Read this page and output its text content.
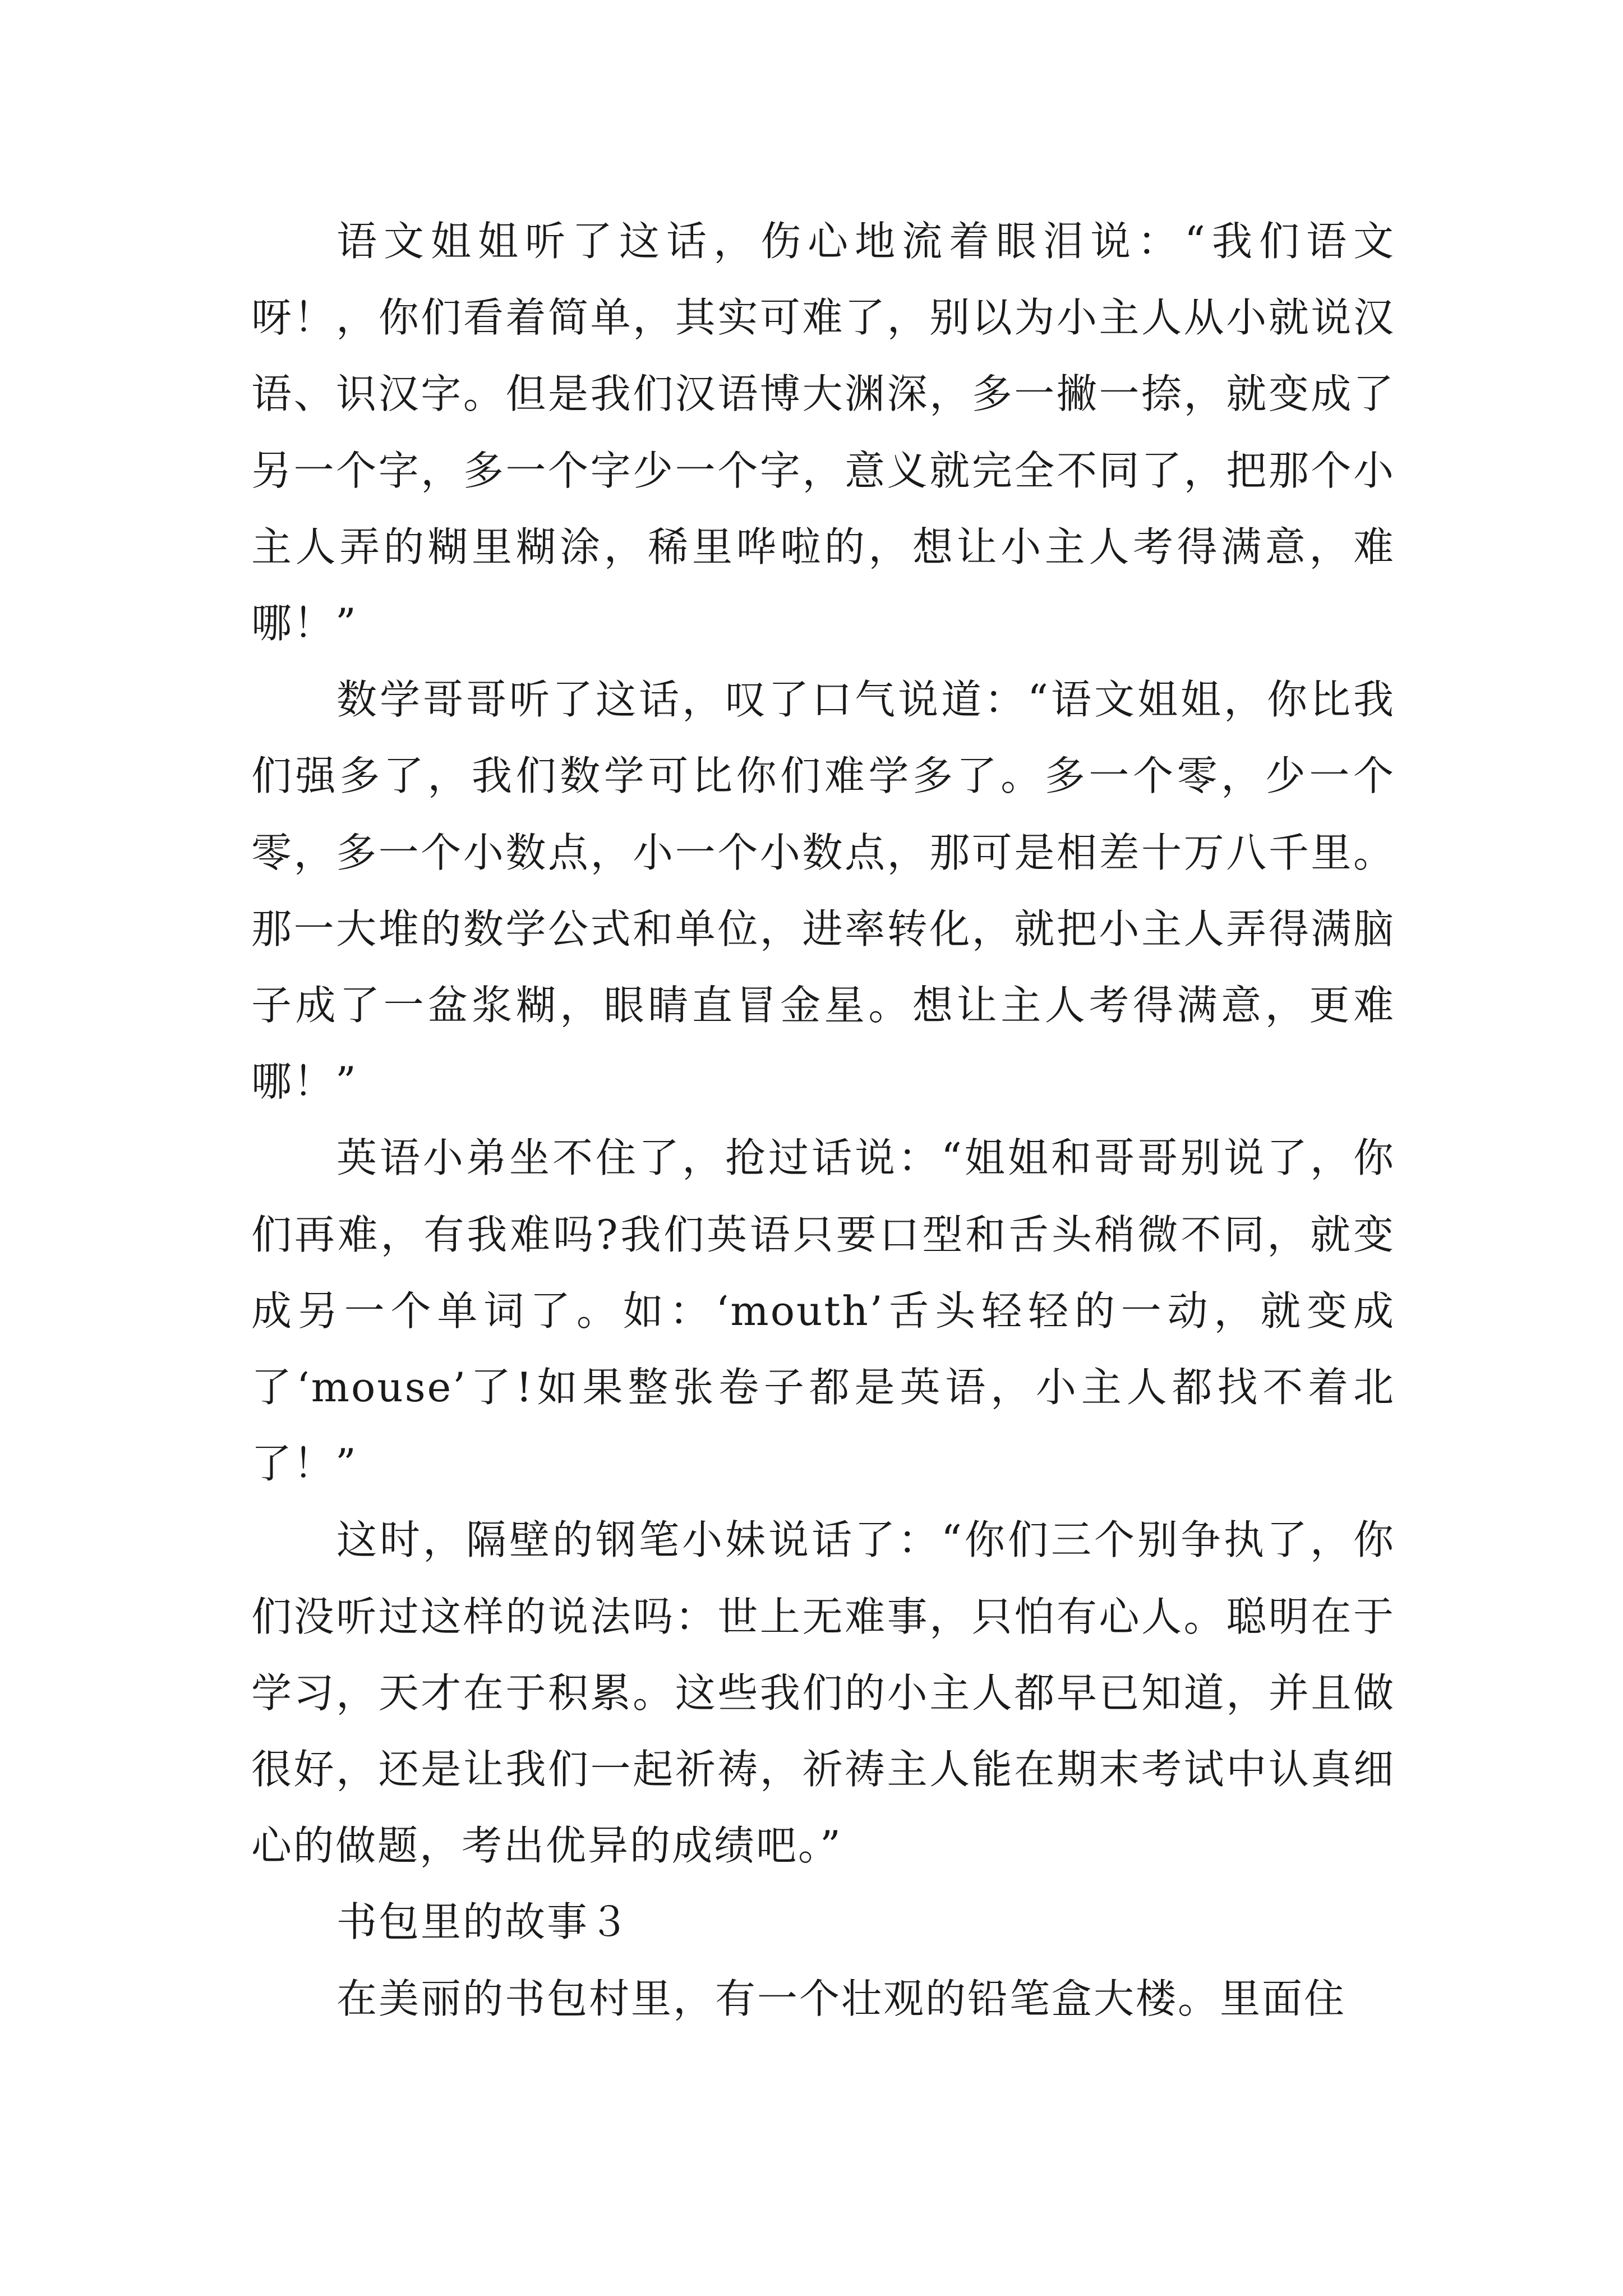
语文姐姐听了这话，伤心地流着眼泪说：“我们语文呀！，你们看着简单，其实可难了，别以为小主人从小就说汉语、识汉字。但是我们汉语博大渊深，多一撇一捺，就变成了另一个字，多一个字少一个字，意义就完全不同了，把那个小主人弄的糊里糊涂，稀里哗啦的，想让小主人考得满意，难哪！”

数学哥哥听了这话，叹了口气说道：“语文姐姐，你比我们强多了，我们数学可比你们难学多了。多一个零，少一个零，多一个小数点，小一个小数点，那可是相差十万八千里。那一大堆的数学公式和单位，进率转化，就把小主人弄得满脑子成了一盆浆糊，眼睛直冒金星。想让主人考得满意，更难哪！”

英语小弟坐不住了，抢过话说：“姐姐和哥哥别说了，你们再难，有我难吗?我们英语只要口型和舌头稍微不同，就变成另一个单词了。如：‘mouth’舌头轻轻的一动，就变成了‘mouse’了!如果整张卷子都是英语，小主人都找不着北了！”

这时，隔壁的钢笔小妹说话了：“你们三个别争执了，你们没听过这样的说法吗：世上无难事，只怕有心人。聪明在于学习，天才在于积累。这些我们的小主人都早已知道，并且做很好，还是让我们一起祈祷，祈祷主人能在期末考试中认真细心的做题，考出优异的成绩吧。”

书包里的故事３

在美丽的书包村里，有一个壮观的铅笔盒大楼。里面住
